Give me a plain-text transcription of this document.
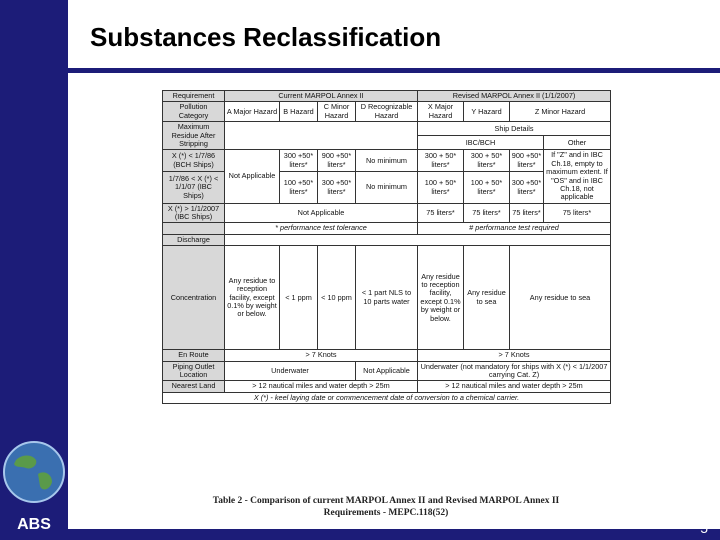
Substances Reclassification
ABS	5
Requirement	Current MARPOL Annex II				Revised MARPOL Annex II (1/1/2007)			
Pollution Category	A Major Hazard	B Hazard	C Minor Hazard	D Recognizable Hazard	X Major Hazard	Y Hazard	Z Minor Hazard	
Maximum Residue After Stripping					Ship Details			
					IBC/BCH			Other
X (*) < 1/7/86 (BCH Ships)	Not Applicable	300 +50* liters*	900 +50* liters*	No minimum	300 + 50* liters*	300 + 50* liters*	900 +50* liters*	If "Z" and in IBC Ch.18, empty to maximum extent. If "OS" and in IBC Ch.18, not applicable
1/7/86 < X (*) < 1/1/07 (IBC Ships)		100 +50* liters*	300 +50* liters*	No minimum	100 + 50* liters*	100 + 50* liters*	300 +50* liters*	
X (*) > 1/1/2007 (IBC Ships)	Not Applicable				75 liters*	75 liters*	75 liters*	75 liters*
	* performance test tolerance				# performance test required			
Discharge								
Concentration	Any residue to reception facility, except 0.1% by weight or below.	< 1 ppm	< 10 ppm	< 1 part NLS to 10 parts water	Any residue to reception facility, except 0.1% by weight or below.	Any residue to sea	Any residue to sea	
En Route	> 7 Knots				> 7 Knots			
Piping Outlet Location	Underwater			Not Applicable	Underwater (not mandatory for ships with X (*) < 1/1/2007 carrying Cat. Z)			
Nearest Land	> 12 nautical miles and water depth > 25m				> 12 nautical miles and water depth > 25m			
X (*) - keel laying date or commencement date of conversion to a chemical carrier.								
Table 2 - Comparison of current MARPOL Annex II and Revised MARPOL Annex II
Requirements - MEPC.118(52)
